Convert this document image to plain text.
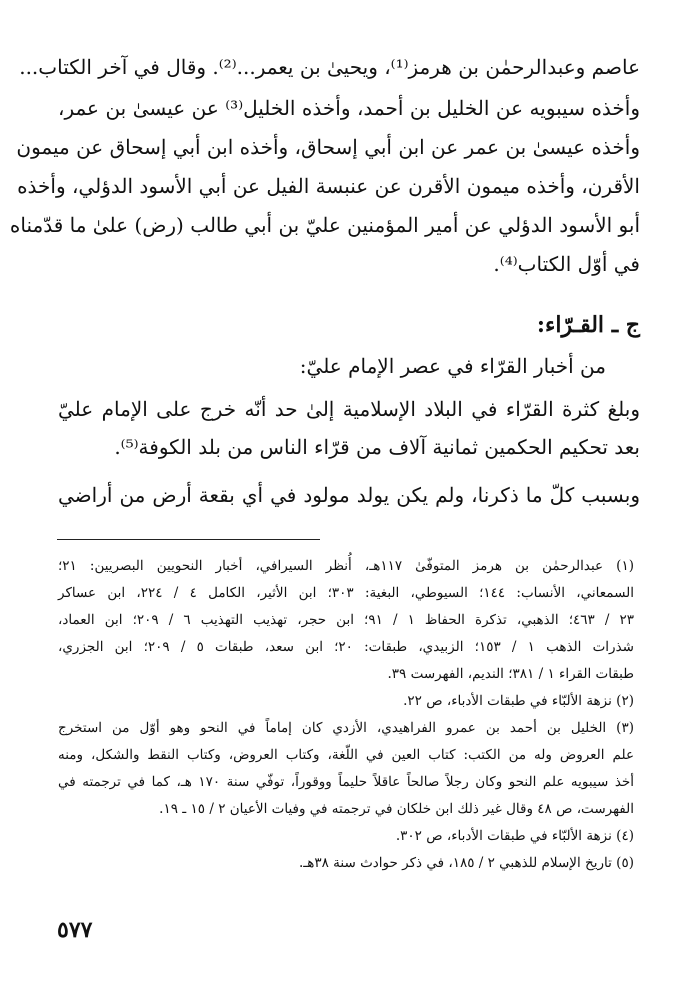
عاصم وعبدالرحمٰن بن هرمز⁽¹⁾، ويحيىٰ بن يعمر...⁽²⁾. وقال في آخر الكتاب...
وأخذه سيبويه عن الخليل بن أحمد، وأخذه الخليل⁽³⁾ عن عيسىٰ بن عمر،
وأخذه عيسىٰ بن عمر عن ابن أبي إسحاق، وأخذه ابن أبي إسحاق عن ميمون
الأقرن، وأخذه ميمون الأقرن عن عنبسة الفيل عن أبي الأسود الدؤلي، وأخذه
أبو الأسود الدؤلي عن أمير المؤمنين عليّ بن أبي طالب (رض) علىٰ ما قدّمناه
في أوّل الكتاب⁽⁴⁾.
ج ـ القـرّاء:
من أخبار القرّاء في عصر الإمام عليّ:
وبلغ كثرة القرّاء في البلاد الإسلامية إلىٰ حد أنّه خرج على الإمام عليّ
بعد تحكيم الحكمين ثمانية آلاف من قرّاء الناس من بلد الكوفة⁽⁵⁾.
وبسبب كلّ ما ذكرنا، ولم يكن يولد مولود في أي بقعة أرض من أراضي
(١) عبدالرحمٰن بن هرمز المتوفّىٰ ١١٧هـ، أُنظر السيرافي، أخبار النحويين البصريين: ٢١؛
السمعاني، الأنساب: ١٤٤؛ السيوطي، البغية: ٣٠٣؛ ابن الأثير، الكامل ٤ / ٢٢٤، ابن عساكر
٢٣ / ٤٦٣؛ الذهبي، تذكرة الحفاظ ١ / ٩١؛ ابن حجر، تهذيب التهذيب ٦ / ٢٠٩؛ ابن العماد،
شذرات الذهب ١ / ١٥٣؛ الزبيدي، طبقات: ٢٠؛ ابن سعد، طبقات ٥ / ٢٠٩؛ ابن الجزري،
طبقات القراء ١ / ٣٨١؛ النديم، الفهرست ٣٩.
(٢) نزهة الألبّاء في طبقات الأدباء، ص ٢٢.
(٣) الخليل بن أحمد بن عمرو الفراهيدي، الأزدي كان إماماً في النحو وهو أوّل من استخرج
علم العروض وله من الكتب: كتاب العين في اللّغة، وكتاب العروض، وكتاب النقط والشكل، ومنه
أخذ سيبويه علم النحو وكان رجلاً صالحاً عاقلاً حليماً ووقوراً، توفّي سنة ١٧٠ هـ، كما في ترجمته في
الفهرست، ص ٤٨ وقال غير ذلك ابن خلكان في ترجمته في وفيات الأعيان ٢ / ١٥ ـ ١٩.
(٤) نزهة الألبّاء في طبقات الأدباء، ص ٣٠٢.
(٥) تاريخ الإسلام للذهبي ٢ / ١٨٥، في ذكر حوادث سنة ٣٨هـ.
٥٧٧
